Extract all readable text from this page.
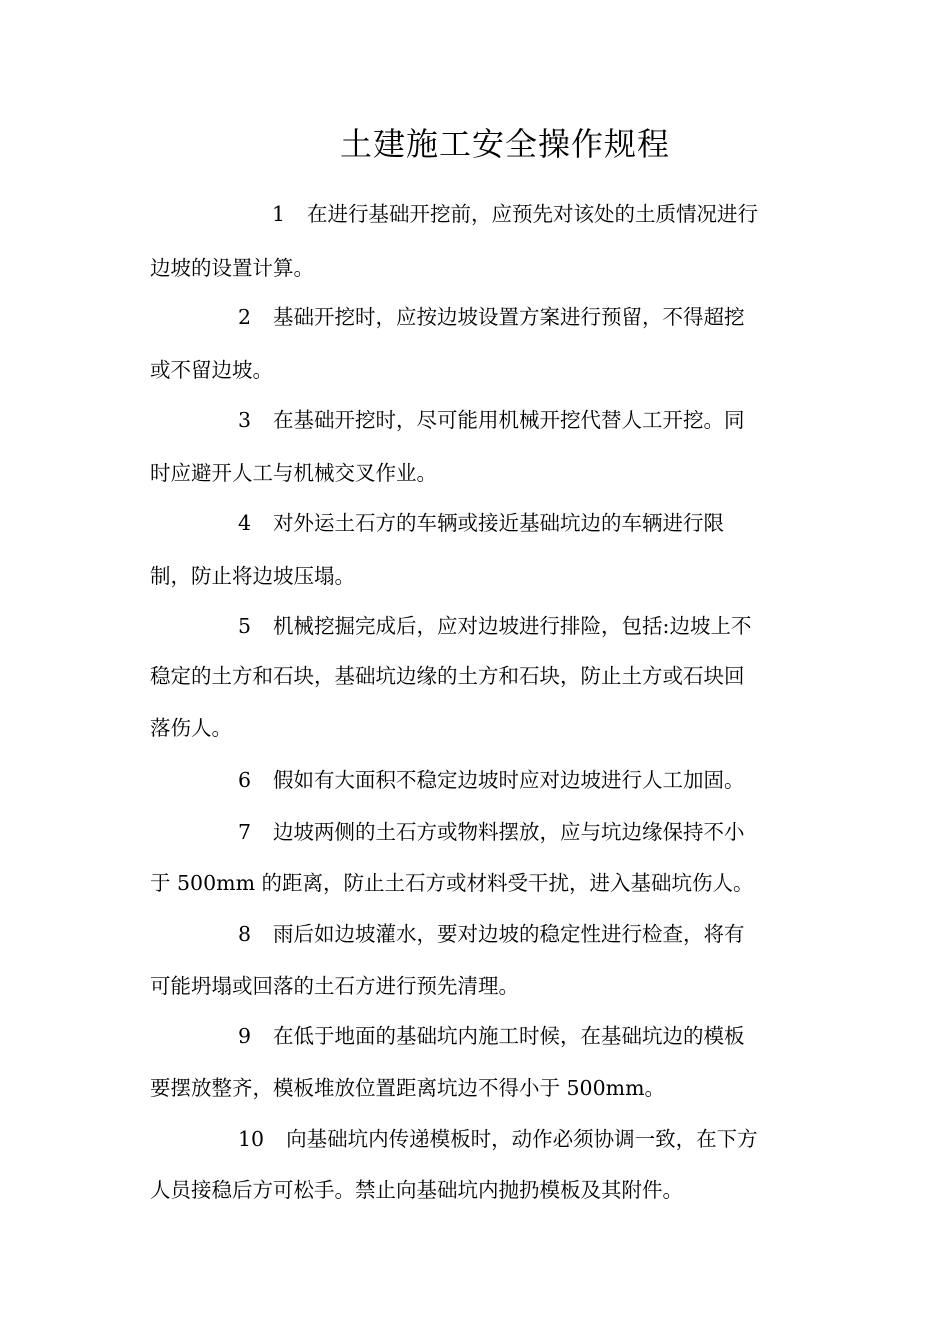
土建施工安全操作规程
1 在进行基础开挖前，应预先对该处的土质情况进行
边坡的设置计算。
2 基础开挖时，应按边坡设置方案进行预留，不得超挖
或不留边坡。
3 在基础开挖时，尽可能用机械开挖代替人工开挖。同
时应避开人工与机械交叉作业。
4 对外运土石方的车辆或接近基础坑边的车辆进行限
制，防止将边坡压塌。
5 机械挖掘完成后，应对边坡进行排险，包括:边坡上不
稳定的土方和石块，基础坑边缘的土方和石块，防止土方或石块回
落伤人。
6 假如有大面积不稳定边坡时应对边坡进行人工加固。
7 边坡两侧的土石方或物料摆放，应与坑边缘保持不小
于 500mm 的距离，防止土石方或材料受干扰，进入基础坑伤人。
8 雨后如边坡灌水，要对边坡的稳定性进行检查，将有
可能坍塌或回落的土石方进行预先清理。
9 在低于地面的基础坑内施工时候，在基础坑边的模板
要摆放整齐，模板堆放位置距离坑边不得小于 500mm。
10 向基础坑内传递模板时，动作必须协调一致，在下方
人员接稳后方可松手。禁止向基础坑内抛扔模板及其附件。
